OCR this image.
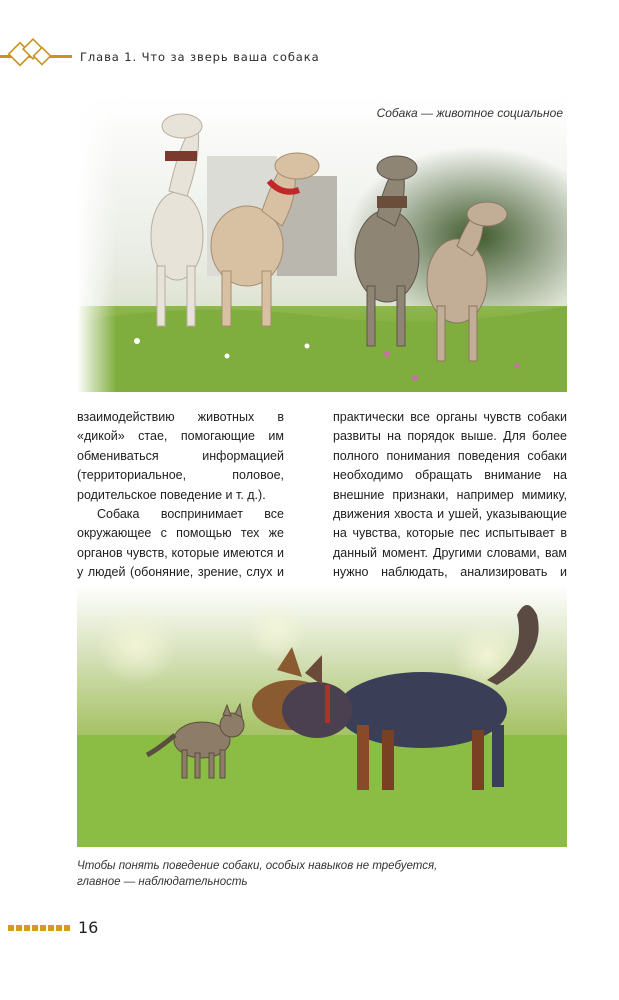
Глава 1. Что за зверь ваша собака
Собака — животное социальное

взаимодействию животных в «дикой» стае, помогающие им обмениваться информацией (территориальное, половое, родительское поведение и т. д.).

Собака воспринимает все окружающее с помощью тех же органов чувств, которые имеются и у людей (обоняние, зрение, слух и

практически все органы чувств собаки развиты на порядок выше. Для более полного понимания поведения собаки необходимо обращать внимание на внешние признаки, например мимику, движения хвоста и ушей, указывающие на чувства, которые пес испытывает в данный момент. Другими словами, вам нужно наблюдать, анализировать и

Чтобы понять поведение собаки, особых навыков не требуется,
главное — наблюдательность
16
